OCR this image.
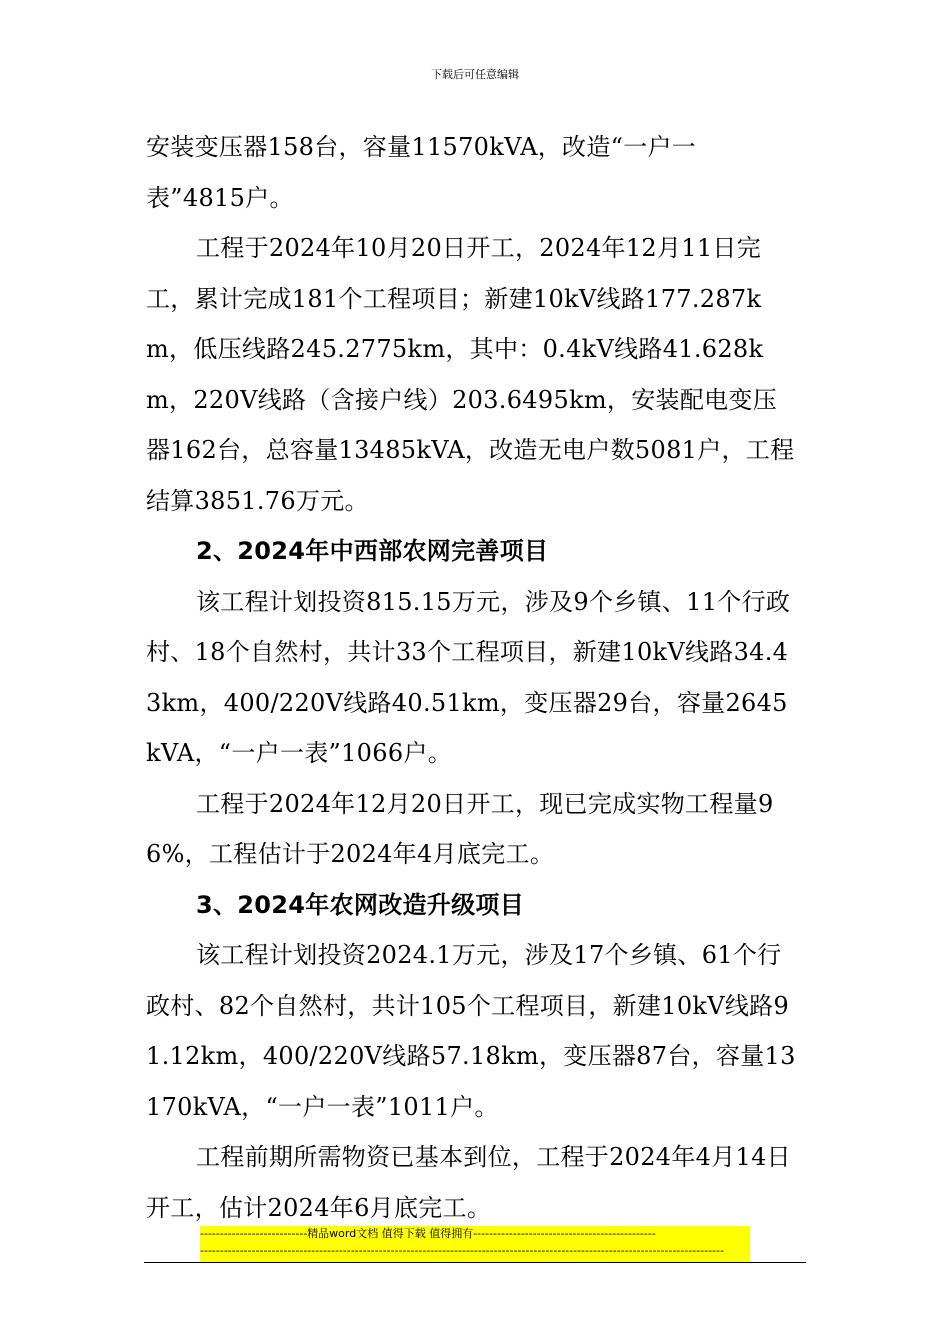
下载后可任意编辑

安装变压器158台，容量11570kVA，改造“一户一表”4815户。

工程于2024年10月20日开工，2024年12月11日完工，累计完成181个工程项目；新建10kV线路177.287km，低压线路245.2775km，其中：0.4kV线路41.628km，220V线路（含接户线）203.6495km，安装配电变压器162台，总容量13485kVA，改造无电户数5081户，工程结算3851.76万元。

2、2024年中西部农网完善项目

该工程计划投资815.15万元，涉及9个乡镇、11个行政村、18个自然村，共计33个工程项目，新建10kV线路34.43km，400/220V线路40.51km，变压器29台，容量2645kVA，“一户一表”1066户。

工程于2024年12月20日开工，现已完成实物工程量96%，工程估计于2024年4月底完工。

3、2024年农网改造升级项目

该工程计划投资2024.1万元，涉及17个乡镇、61个行政村、82个自然村，共计105个工程项目，新建10kV线路91.12km，400/220V线路57.18km，变压器87台，容量13170kVA，“一户一表”1011户。

工程前期所需物资已基本到位，工程于2024年4月14日开工，估计2024年6月底完工。

---------------------------精品word文档 值得下载 值得拥有----------------------------------------------
------------------------------------------------------------------------------------------------------------------------------------
